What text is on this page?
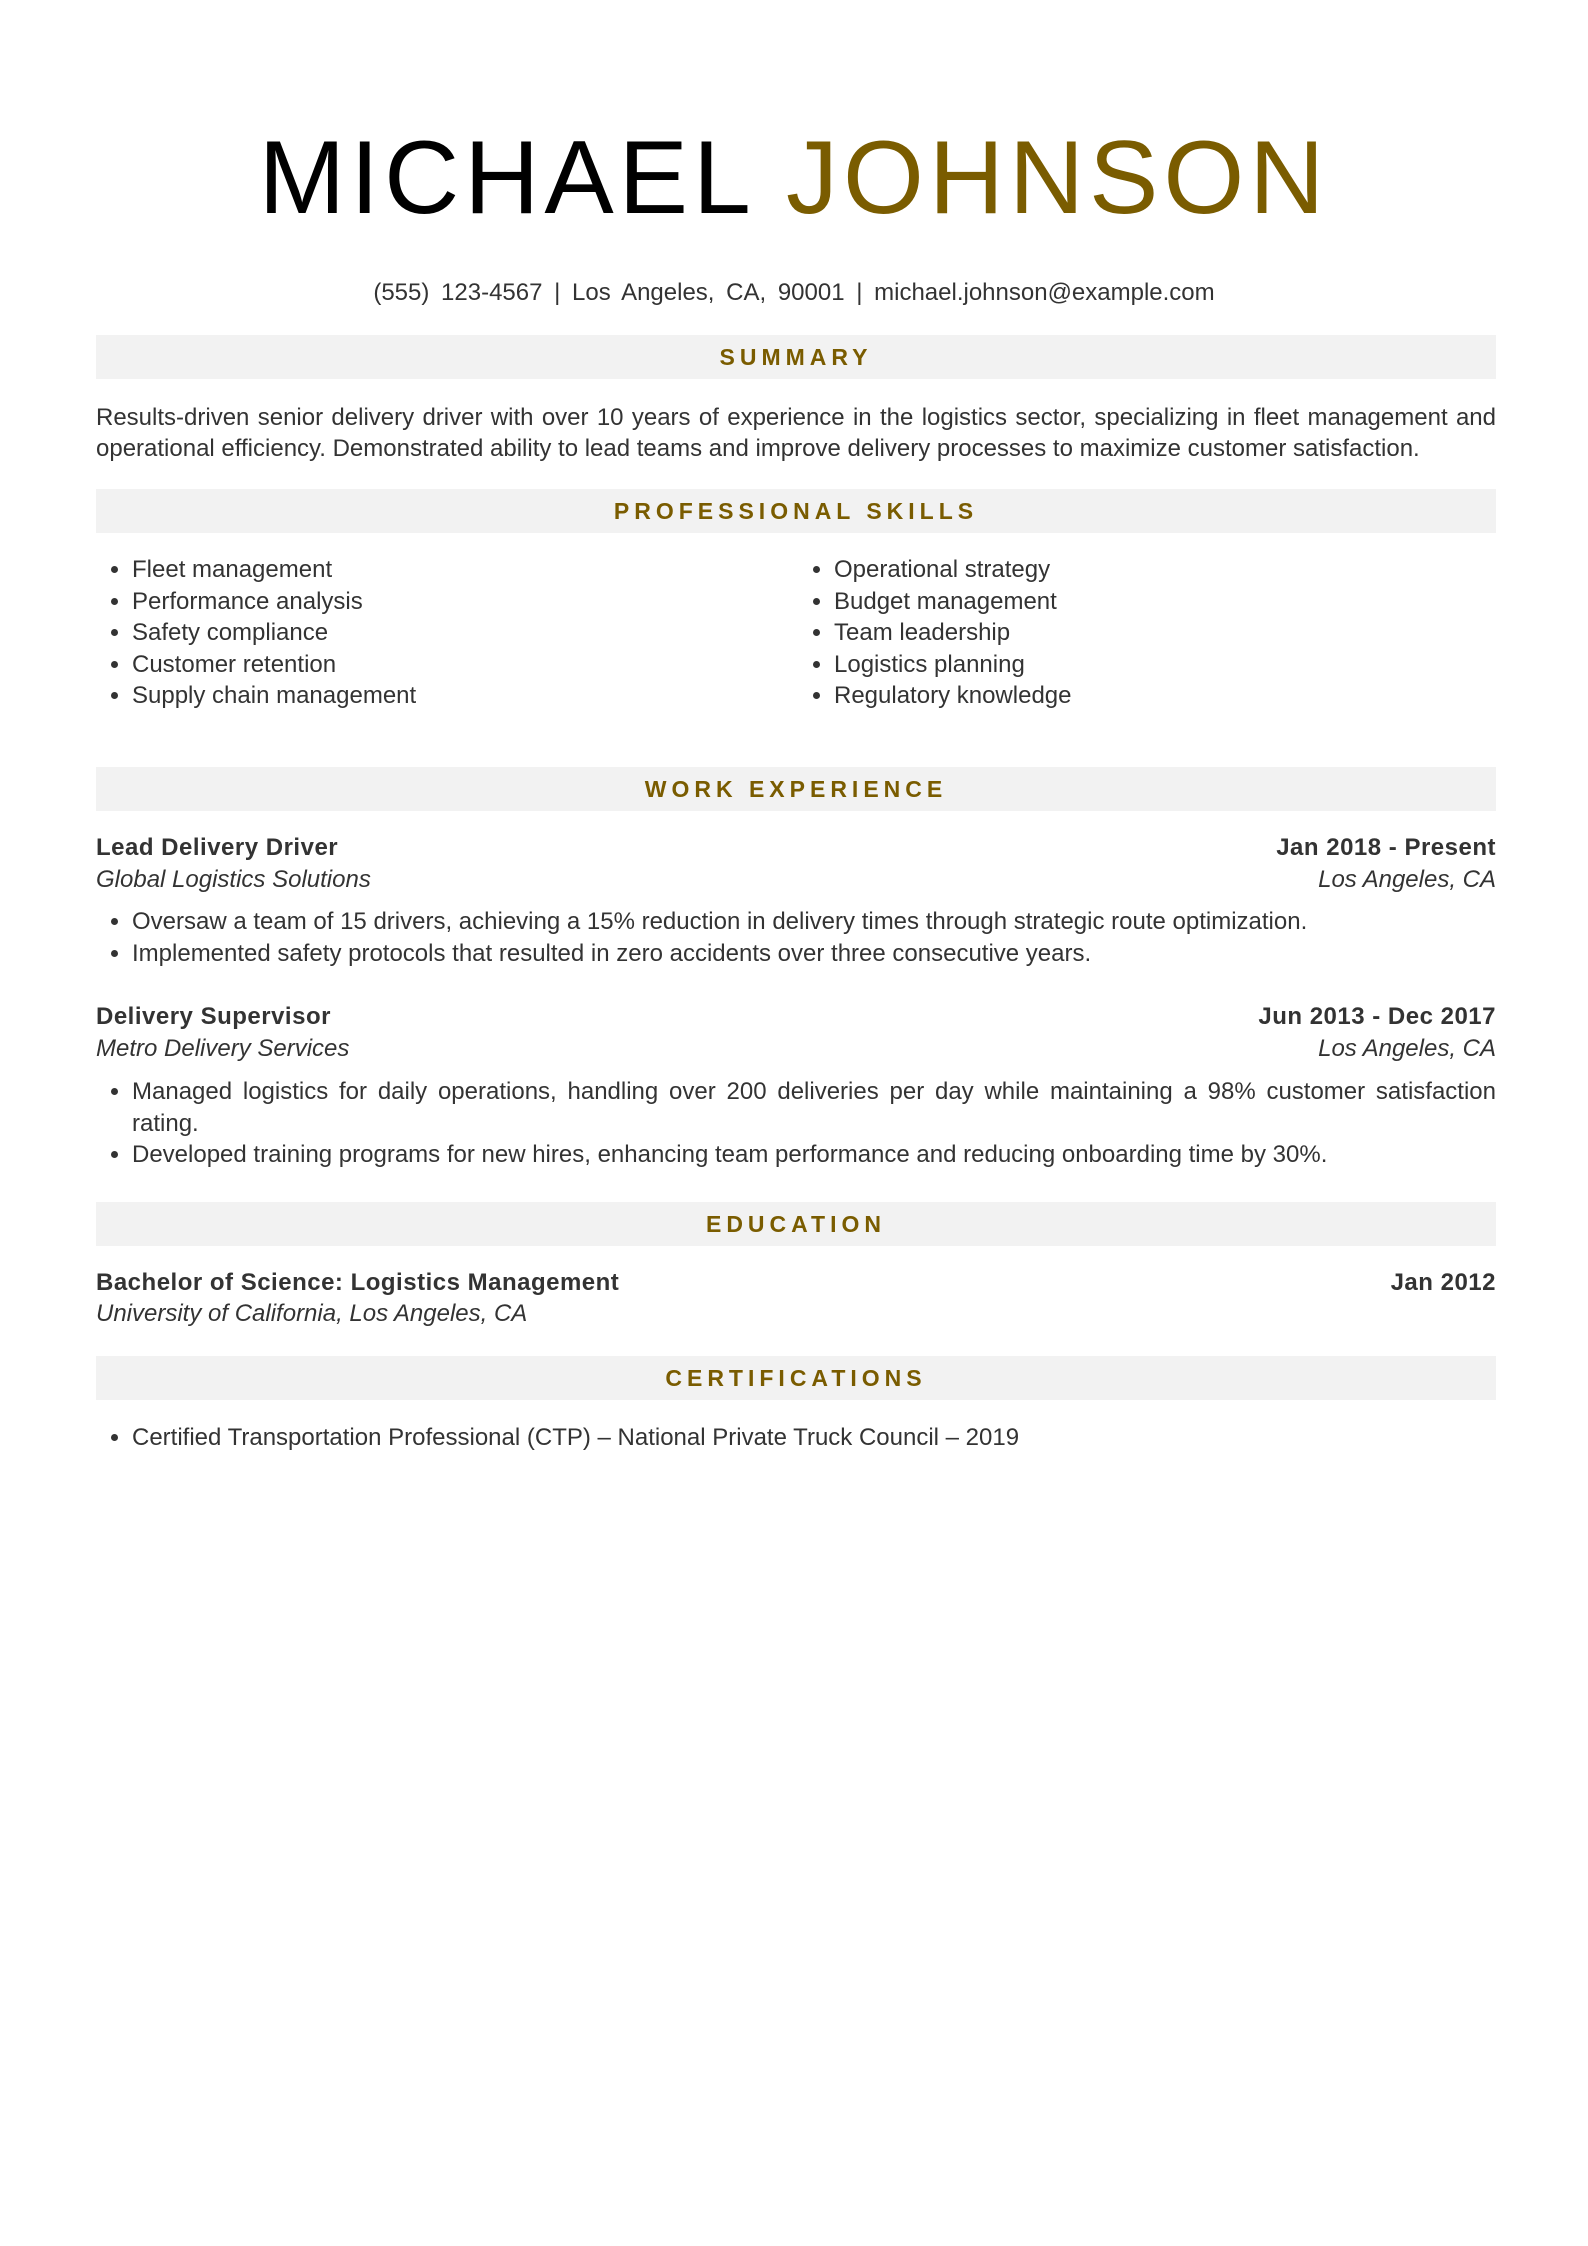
MICHAEL JOHNSON
(555) 123-4567 | Los Angeles, CA, 90001 | michael.johnson@example.com
SUMMARY
Results-driven senior delivery driver with over 10 years of experience in the logistics sector, specializing in fleet management and operational efficiency. Demonstrated ability to lead teams and improve delivery processes to maximize customer satisfaction.
PROFESSIONAL SKILLS
• Fleet management
• Performance analysis
• Safety compliance
• Customer retention
• Supply chain management
• Operational strategy
• Budget management
• Team leadership
• Logistics planning
• Regulatory knowledge
WORK EXPERIENCE
Lead Delivery Driver	Jan 2018 - Present
Global Logistics Solutions	Los Angeles, CA
• Oversaw a team of 15 drivers, achieving a 15% reduction in delivery times through strategic route optimization.
• Implemented safety protocols that resulted in zero accidents over three consecutive years.
Delivery Supervisor	Jun 2013 - Dec 2017
Metro Delivery Services	Los Angeles, CA
• Managed logistics for daily operations, handling over 200 deliveries per day while maintaining a 98% customer satisfaction rating.
• Developed training programs for new hires, enhancing team performance and reducing onboarding time by 30%.
EDUCATION
Bachelor of Science: Logistics Management	Jan 2012
University of California, Los Angeles, CA
CERTIFICATIONS
• Certified Transportation Professional (CTP) – National Private Truck Council – 2019
